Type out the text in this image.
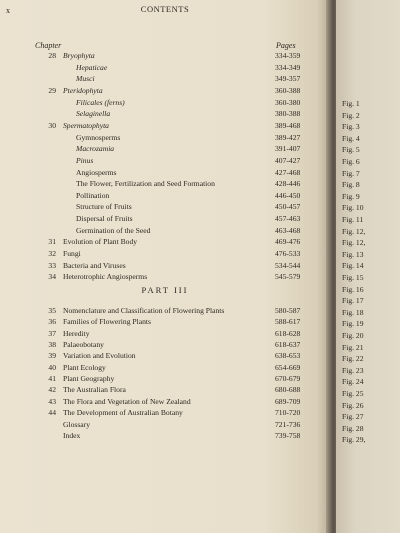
x	CONTENTS
Chapter	Pages
28 Bryophyta	334-359
Hepaticae	334-349
Musci	349-357
29 Pteridophyta	360-388
Filicales (ferns)	360-380
Selaginella	380-388
30 Spermatophyta	389-468
Gymnosperms	389-427
Macrozamia	391-407
Pinus	407-427
Angiosperms	427-468
The Flower, Fertilization and Seed Formation	428-446
Pollination	446-450
Structure of Fruits	450-457
Dispersal of Fruits	457-463
Germination of the Seed	463-468
31 Evolution of Plant Body	469-476
32 Fungi	476-533
33 Bacteria and Viruses	534-544
34 Heterotrophic Angiosperms	545-579
PART III
35 Nomenclature and Classification of Flowering Plants	580-587
36 Families of Flowering Plants	588-617
37 Heredity	618-628
38 Palaeobotany	618-637
39 Variation and Evolution	638-653
40 Plant Ecology	654-669
41 Plant Geography	670-679
42 The Australian Flora	680-688
43 The Flora and Vegetation of New Zealand	689-709
44 The Development of Australian Botany	710-720
Glossary	721-736
Index	739-758
Fig. 1
Fig. 2
Fig. 3
Fig. 4
Fig. 5
Fig. 6
Fig. 7
Fig. 8
Fig. 9
Fig. 10
Fig. 11
Fig. 12,
Fig. 12,
Fig. 13
Fig. 14
Fig. 15
Fig. 16
Fig. 17
Fig. 18
Fig. 19
Fig. 20
Fig. 21
Fig. 22
Fig. 23
Fig. 24
Fig. 25
Fig. 26
Fig. 27
Fig. 28
Fig. 29,
